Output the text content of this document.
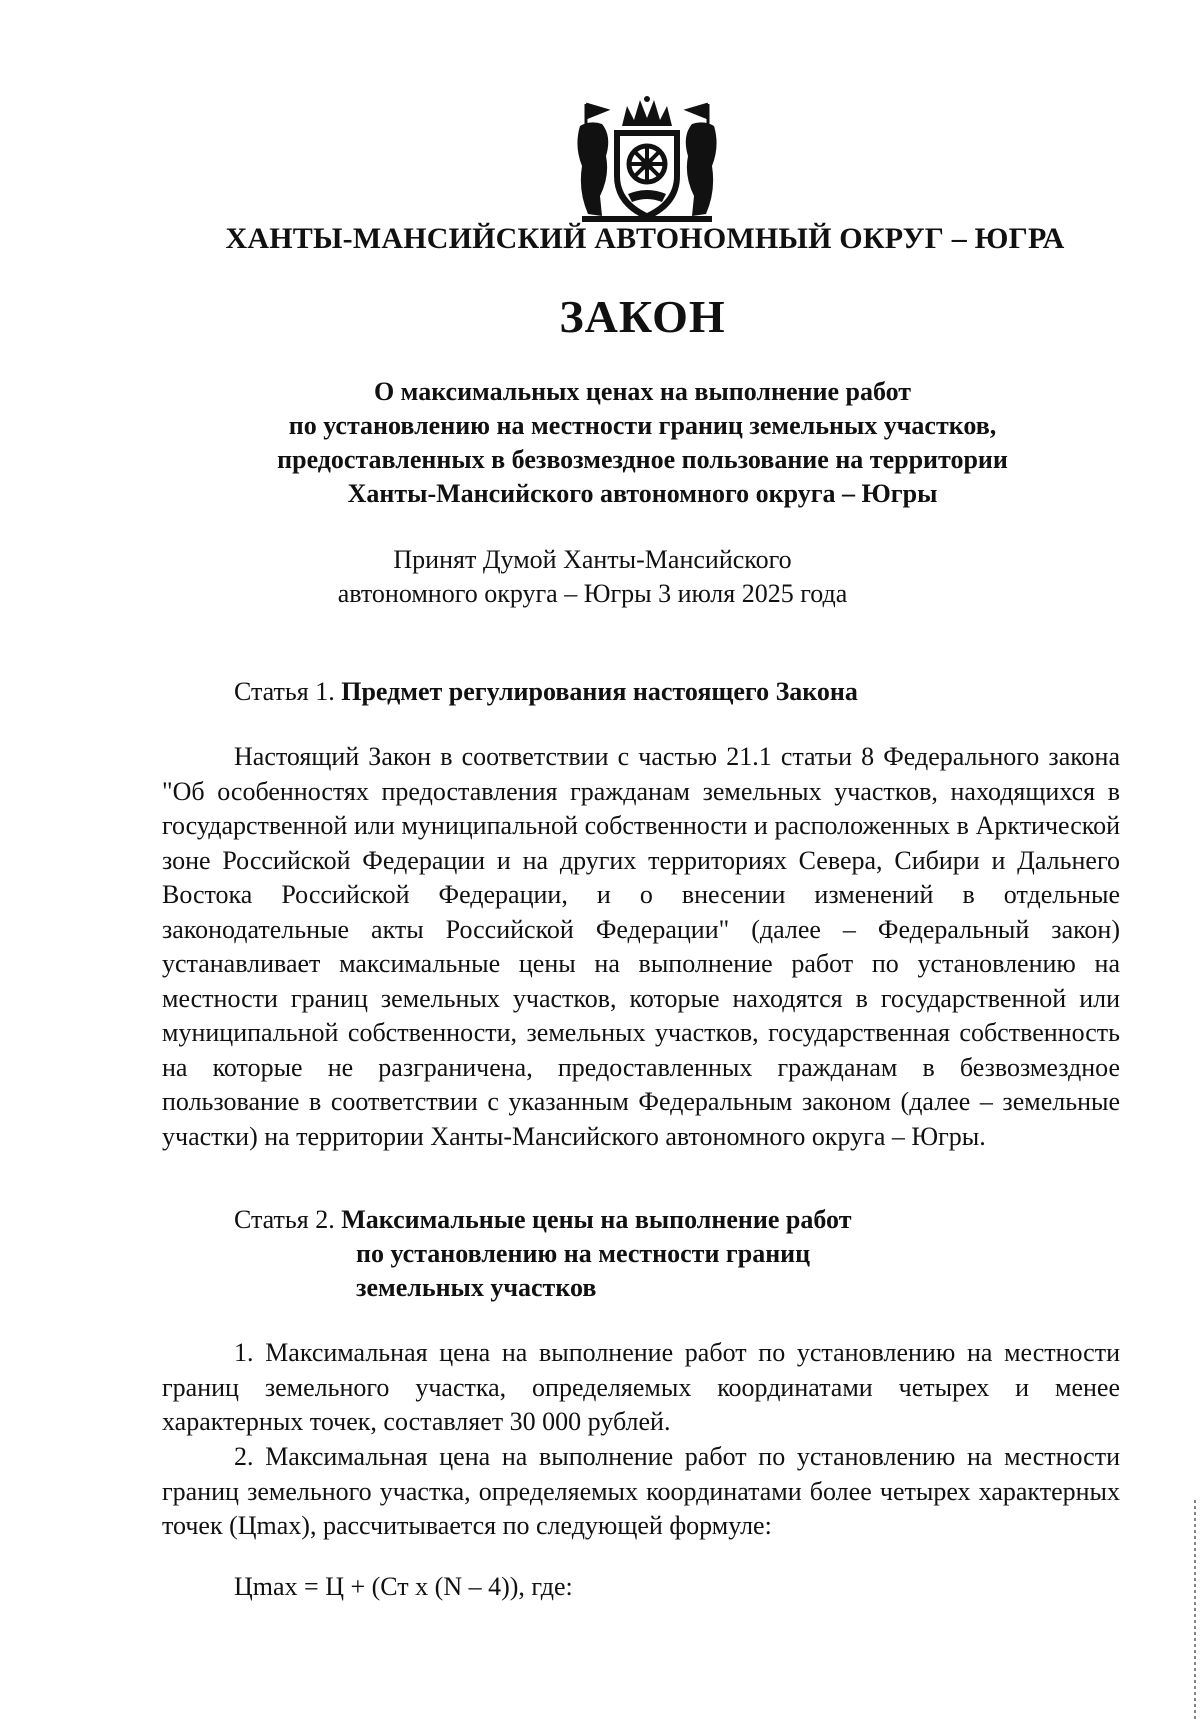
ХАНТЫ-МАНСИЙСКИЙ АВТОНОМНЫЙ ОКРУГ – ЮГРА
ЗАКОН
О максимальных ценах на выполнение работ
по установлению на местности границ земельных участков,
предоставленных в безвозмездное пользование на территории
Ханты-Мансийского автономного округа – Югры
Принят Думой Ханты-Мансийского
автономного округа – Югры 3 июля 2025 года
Статья 1. Предмет регулирования настоящего Закона

Настоящий Закон в соответствии с частью 21.1 статьи 8 Федерального закона "Об особенностях предоставления гражданам земельных участков, находящихся в государственной или муниципальной собственности и расположенных в Арктической зоне Российской Федерации и на других территориях Севера, Сибири и Дальнего Востока Российской Федерации, и о внесении изменений в отдельные законодательные акты Российской Федерации" (далее – Федеральный закон) устанавливает максимальные цены на выполнение работ по установлению на местности границ земельных участков, которые находятся в государственной или муниципальной собственности, земельных участков, государственная собственность на которые не разграничена, предоставленных гражданам в безвозмездное пользование в соответствии с указанным Федеральным законом (далее – земельные участки) на территории Ханты-Мансийского автономного округа – Югры.

Статья 2. Максимальные цены на выполнение работ
по установлению на местности границ
земельных участков

1. Максимальная цена на выполнение работ по установлению на местности границ земельного участка, определяемых координатами четырех и менее характерных точек, составляет 30 000 рублей.

2. Максимальная цена на выполнение работ по установлению на местности границ земельного участка, определяемых координатами более четырех характерных точек (Цmax), рассчитывается по следующей формуле:

Цmax = Ц + (Ст х (N – 4)), где:
